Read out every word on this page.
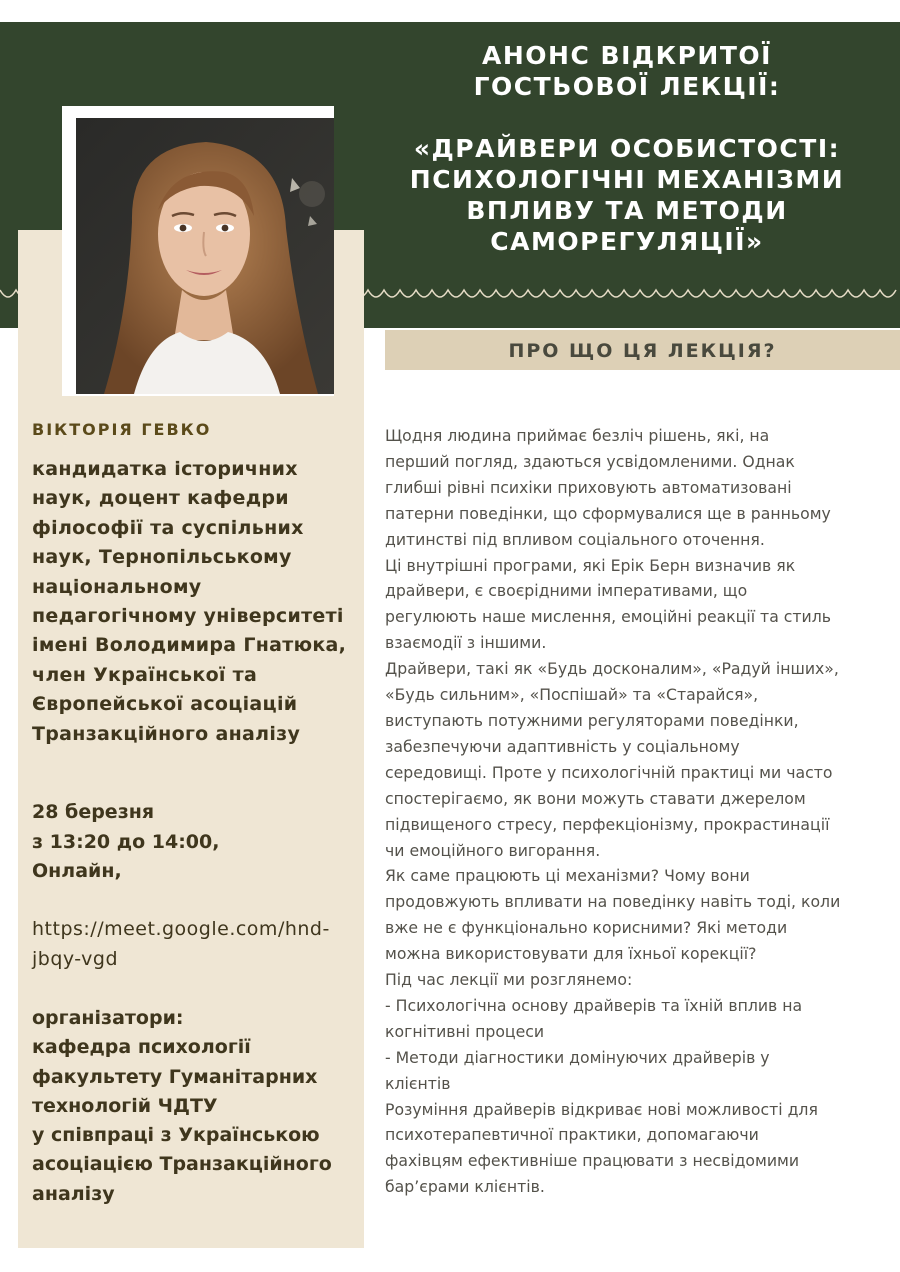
АНОНС ВІДКРИТОЇ
ГОСТЬОВОЇ ЛЕКЦІЇ:
«ДРАЙВЕРИ ОСОБИСТОСТІ:
ПСИХОЛОГІЧНІ МЕХАНІЗМИ
ВПЛИВУ ТА МЕТОДИ
САМОРЕГУЛЯЦІЇ»
ПРО ЩО ЦЯ ЛЕКЦІЯ?
ВІКТОРІЯ ГЕВКО
кандидатка історичних
наук, доцент кафедри
філософії та суспільних
наук, Тернопільському
національному
педагогічному університеті
імені Володимира Гнатюка,
член Української та
Європейської асоціацій
Транзакційного аналізу
28 березня
з 13:20 до 14:00,
Онлайн,
https://meet.google.com/hnd-
jbqy-vgd
організатори:
кафедра психології
факультету Гуманітарних
технологій ЧДТУ
у співпраці з Українською
асоціацією Транзакційного
аналізу
Щодня людина приймає безліч рішень, які, на
перший погляд, здаються усвідомленими. Однак
глибші рівні психіки приховують автоматизовані
патерни поведінки, що сформувалися ще в ранньому
дитинстві під впливом соціального оточення.
Ці внутрішні програми, які Ерік Берн визначив як
драйвери, є своєрідними імперативами, що
регулюють наше мислення, емоційні реакції та стиль
взаємодії з іншими.
Драйвери, такі як «Будь досконалим», «Радуй інших»,
«Будь сильним», «Поспішай» та «Старайся»,
виступають потужними регуляторами поведінки,
забезпечуючи адаптивність у соціальному
середовищі. Проте у психологічній практиці ми часто
спостерігаємо, як вони можуть ставати джерелом
підвищеного стресу, перфекціонізму, прокрастинації
чи емоційного вигорання.
Як саме працюють ці механізми? Чому вони
продовжують впливати на поведінку навіть тоді, коли
вже не є функціонально корисними? Які методи
можна використовувати для їхньої корекції?
Під час лекції ми розглянемо:
- Психологічна основу драйверів та їхній вплив на
когнітивні процеси
- Методи діагностики домінуючих драйверів у
клієнтів
Розуміння драйверів відкриває нові можливості для
психотерапевтичної практики, допомагаючи
фахівцям ефективніше працювати з несвідомими
бар’єрами клієнтів.
